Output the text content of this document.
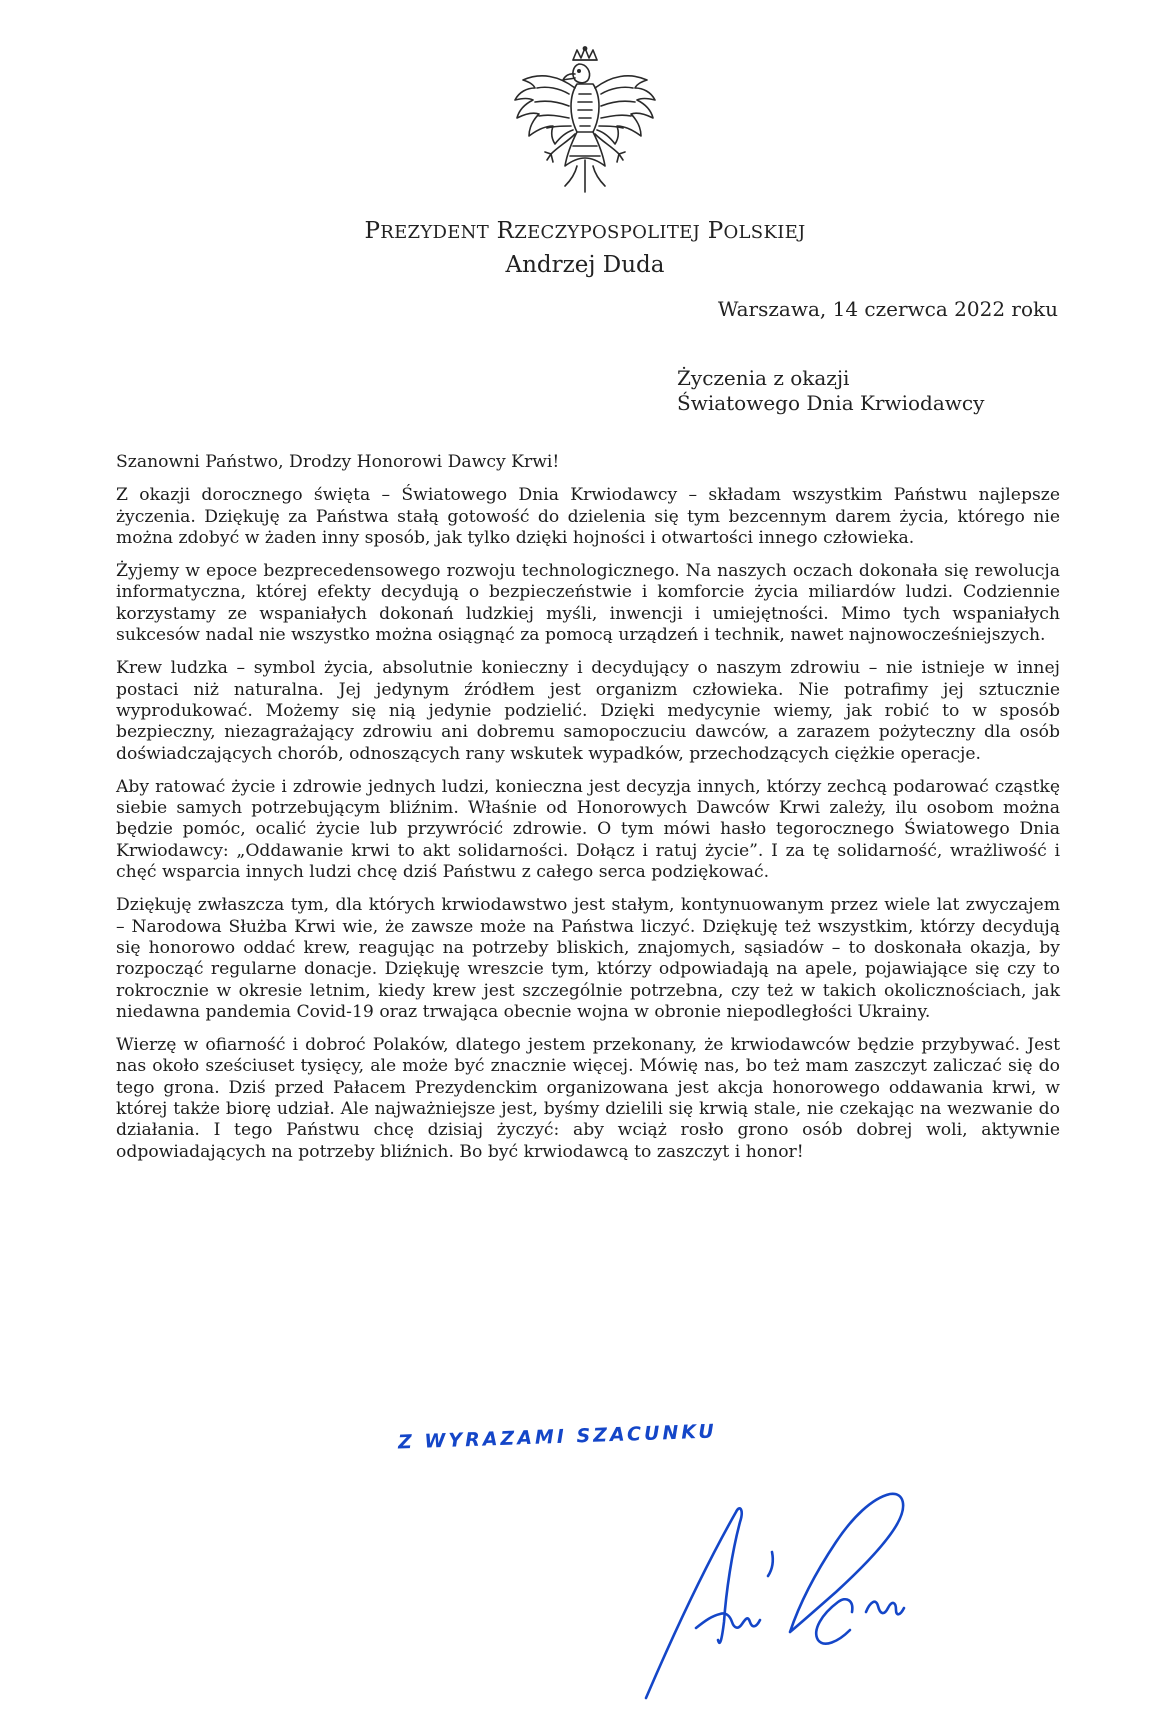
PREZYDENT RZECZYPOSPOLITEJ POLSKIEJ
Andrzej Duda
Warszawa, 14 czerwca 2022 roku
Życzenia z okazji
Światowego Dnia Krwiodawcy
Szanowni Państwo, Drodzy Honorowi Dawcy Krwi!

Z okazji dorocznego święta – Światowego Dnia Krwiodawcy – składam wszystkim Państwu najlepsze życzenia. Dziękuję za Państwa stałą gotowość do dzielenia się tym bezcennym darem życia, którego nie można zdobyć w żaden inny sposób, jak tylko dzięki hojności i otwartości innego człowieka.

Żyjemy w epoce bezprecedensowego rozwoju technologicznego. Na naszych oczach dokonała się rewolucja informatyczna, której efekty decydują o bezpieczeństwie i komforcie życia miliardów ludzi. Codziennie korzystamy ze wspaniałych dokonań ludzkiej myśli, inwencji i umiejętności. Mimo tych wspaniałych sukcesów nadal nie wszystko można osiągnąć za pomocą urządzeń i technik, nawet najnowocześniejszych.

Krew ludzka – symbol życia, absolutnie konieczny i decydujący o naszym zdrowiu – nie istnieje w innej postaci niż naturalna. Jej jedynym źródłem jest organizm człowieka. Nie potrafimy jej sztucznie wyprodukować. Możemy się nią jedynie podzielić. Dzięki medycynie wiemy, jak robić to w sposób bezpieczny, niezagrażający zdrowiu ani dobremu samopoczuciu dawców, a zarazem pożyteczny dla osób doświadczających chorób, odnoszących rany wskutek wypadków, przechodzących ciężkie operacje.

Aby ratować życie i zdrowie jednych ludzi, konieczna jest decyzja innych, którzy zechcą podarować cząstkę siebie samych potrzebującym bliźnim. Właśnie od Honorowych Dawców Krwi zależy, ilu osobom można będzie pomóc, ocalić życie lub przywrócić zdrowie. O tym mówi hasło tegorocznego Światowego Dnia Krwiodawcy: „Oddawanie krwi to akt solidarności. Dołącz i ratuj życie”. I za tę solidarność, wrażliwość i chęć wsparcia innych ludzi chcę dziś Państwu z całego serca podziękować.

Dziękuję zwłaszcza tym, dla których krwiodawstwo jest stałym, kontynuowanym przez wiele lat zwyczajem – Narodowa Służba Krwi wie, że zawsze może na Państwa liczyć. Dziękuję też wszystkim, którzy decydują się honorowo oddać krew, reagując na potrzeby bliskich, znajomych, sąsiadów – to doskonała okazja, by rozpocząć regularne donacje. Dziękuję wreszcie tym, którzy odpowiadają na apele, pojawiające się czy to rokrocznie w okresie letnim, kiedy krew jest szczególnie potrzebna, czy też w takich okolicznościach, jak niedawna pandemia Covid-19 oraz trwająca obecnie wojna w obronie niepodległości Ukrainy.

Wierzę w ofiarność i dobroć Polaków, dlatego jestem przekonany, że krwiodawców będzie przybywać. Jest nas około sześciuset tysięcy, ale może być znacznie więcej. Mówię nas, bo też mam zaszczyt zaliczać się do tego grona. Dziś przed Pałacem Prezydenckim organizowana jest akcja honorowego oddawania krwi, w której także biorę udział. Ale najważniejsze jest, byśmy dzielili się krwią stale, nie czekając na wezwanie do działania. I tego Państwu chcę dzisiaj życzyć: aby wciąż rosło grono osób dobrej woli, aktywnie odpowiadających na potrzeby bliźnich. Bo być krwiodawcą to zaszczyt i honor!

Z WYRAZAMI SZACUNKU
